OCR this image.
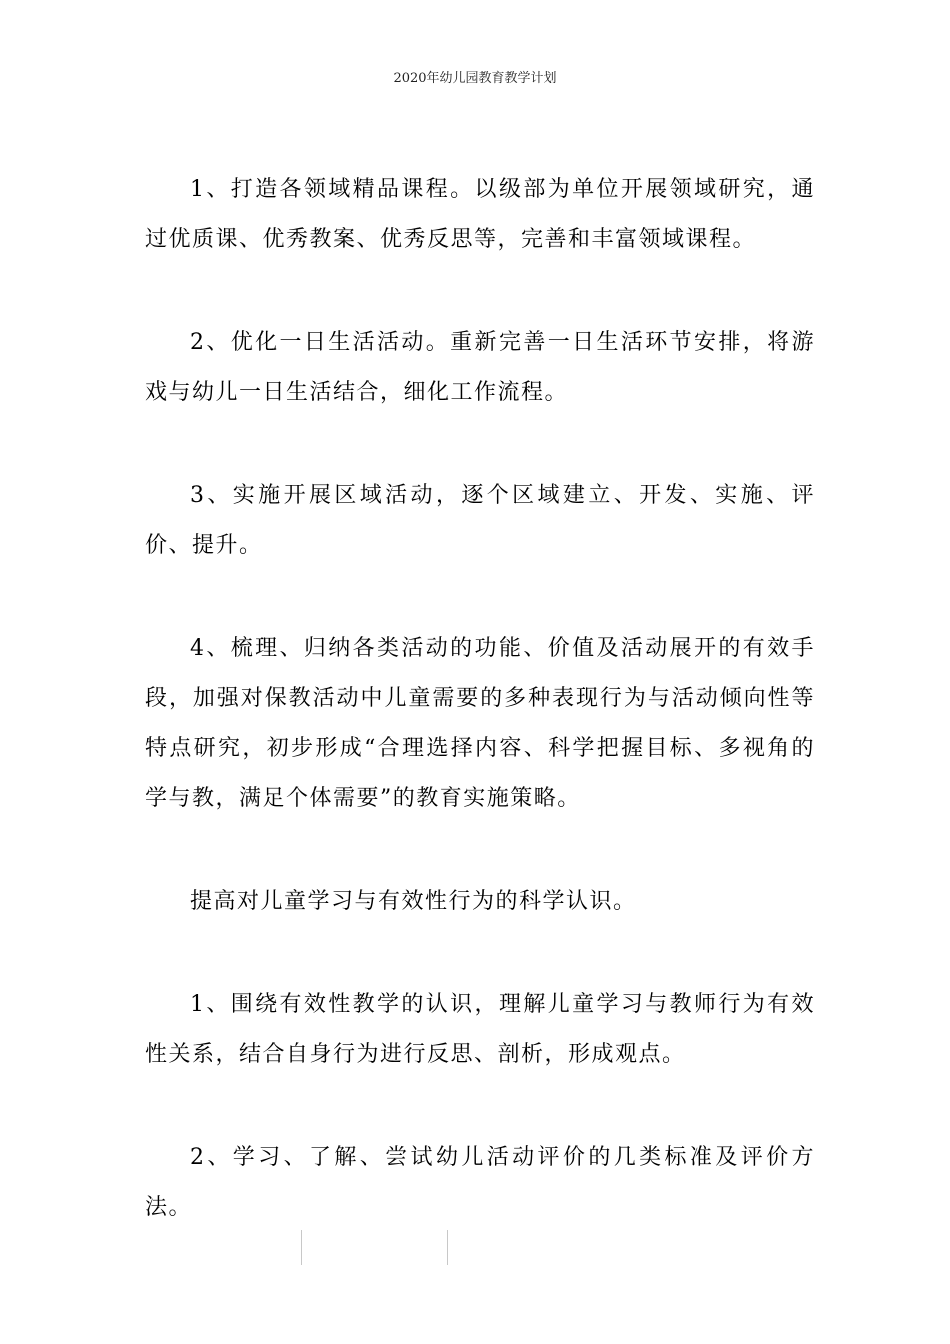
2020年幼儿园教育教学计划

1、打造各领域精品课程。以级部为单位开展领域研究，通过优质课、优秀教案、优秀反思等，完善和丰富领域课程。

2、优化一日生活活动。重新完善一日生活环节安排，将游戏与幼儿一日生活结合，细化工作流程。

3、实施开展区域活动，逐个区域建立、开发、实施、评价、提升。

4、梳理、归纳各类活动的功能、价值及活动展开的有效手段，加强对保教活动中儿童需要的多种表现行为与活动倾向性等特点研究，初步形成“合理选择内容、科学把握目标、多视角的学与教，满足个体需要”的教育实施策略。

提高对儿童学习与有效性行为的科学认识。

1、围绕有效性教学的认识，理解儿童学习与教师行为有效性关系，结合自身行为进行反思、剖析，形成观点。

2、学习、了解、尝试幼儿活动评价的几类标准及评价方法。
